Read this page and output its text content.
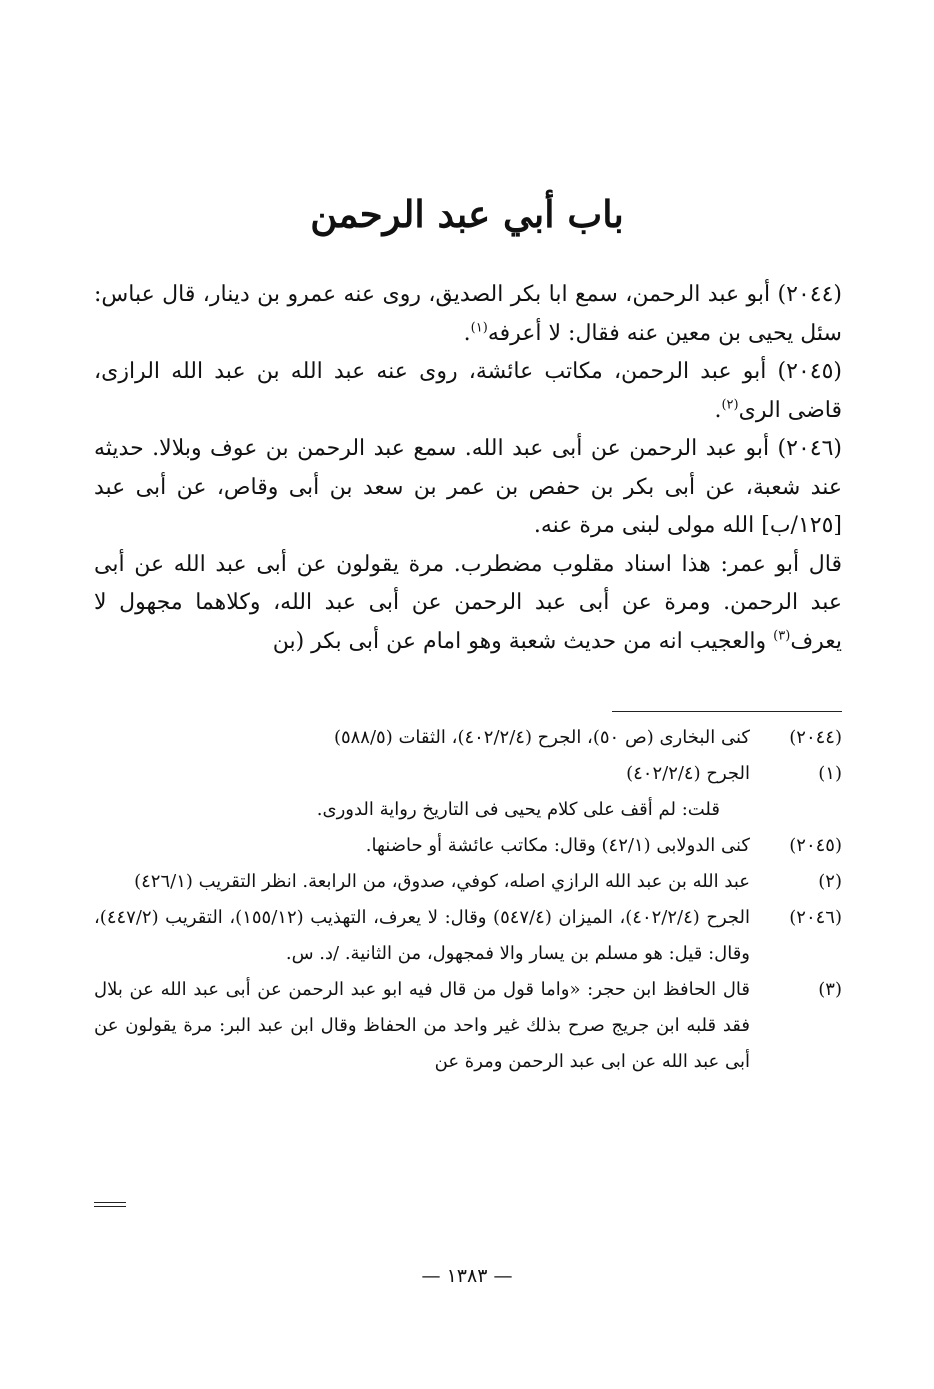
باب أبي عبد الرحمن

(٢٠٤٤) أبو عبد الرحمن، سمع ابا بكر الصديق، روى عنه عمرو بن دينار، قال عباس: سئل يحيى بن معين عنه فقال: لا أعرفه$^{(١)}$.

(٢٠٤٥) أبو عبد الرحمن، مكاتب عائشة، روى عنه عبد الله بن عبد الله الرازى، قاضى الرى$^{(٢)}$.

(٢٠٤٦) أبو عبد الرحمن عن أبى عبد الله. سمع عبد الرحمن بن عوف وبلالا. حديثه عند شعبة، عن أبى بكر بن حفص بن عمر بن سعد بن أبى وقاص، عن أبى عبد [١٢٥/ب] الله مولى لبنى مرة عنه.

قال أبو عمر: هذا اسناد مقلوب مضطرب. مرة يقولون عن أبى عبد الله عن أبى عبد الرحمن. ومرة عن أبى عبد الرحمن عن أبى عبد الله، وكلاهما مجهول لا يعرف$^{(٣)}$ والعجيب انه من حديث شعبة وهو امام عن أبى بكر (بن

(٢٠٤٤)
كنى البخارى (ص ٥٠)، الجرح (٤٠٢/٢/٤)، الثقات (٥٨٨/٥)
(١)
الجرح (٤٠٢/٢/٤)
قلت: لم أقف على كلام يحيى فى التاريخ رواية الدورى.
(٢٠٤٥)
كنى الدولابى (٤٢/١) وقال: مكاتب عائشة أو حاضنها.
(٢)
عبد الله بن عبد الله الرازي اصله، كوفي، صدوق، من الرابعة. انظر التقريب (٤٢٦/١)
(٢٠٤٦)
الجرح (٤٠٢/٢/٤)، الميزان (٥٤٧/٤) وقال: لا يعرف، التهذيب (١٥٥/١٢)، التقريب (٤٤٧/٢)، وقال: قيل: هو مسلم بن يسار والا فمجهول، من الثانية. /د. س.
(٣)
قال الحافظ ابن حجر: «واما قول من قال فيه ابو عبد الرحمن عن أبى عبد الله عن بلال فقد قلبه ابن جريج صرح بذلك غير واحد من الحفاظ وقال ابن عبد البر: مرة يقولون عن أبى عبد الله عن ابى عبد الرحمن ومرة عن
— ١٣٨٣ —
